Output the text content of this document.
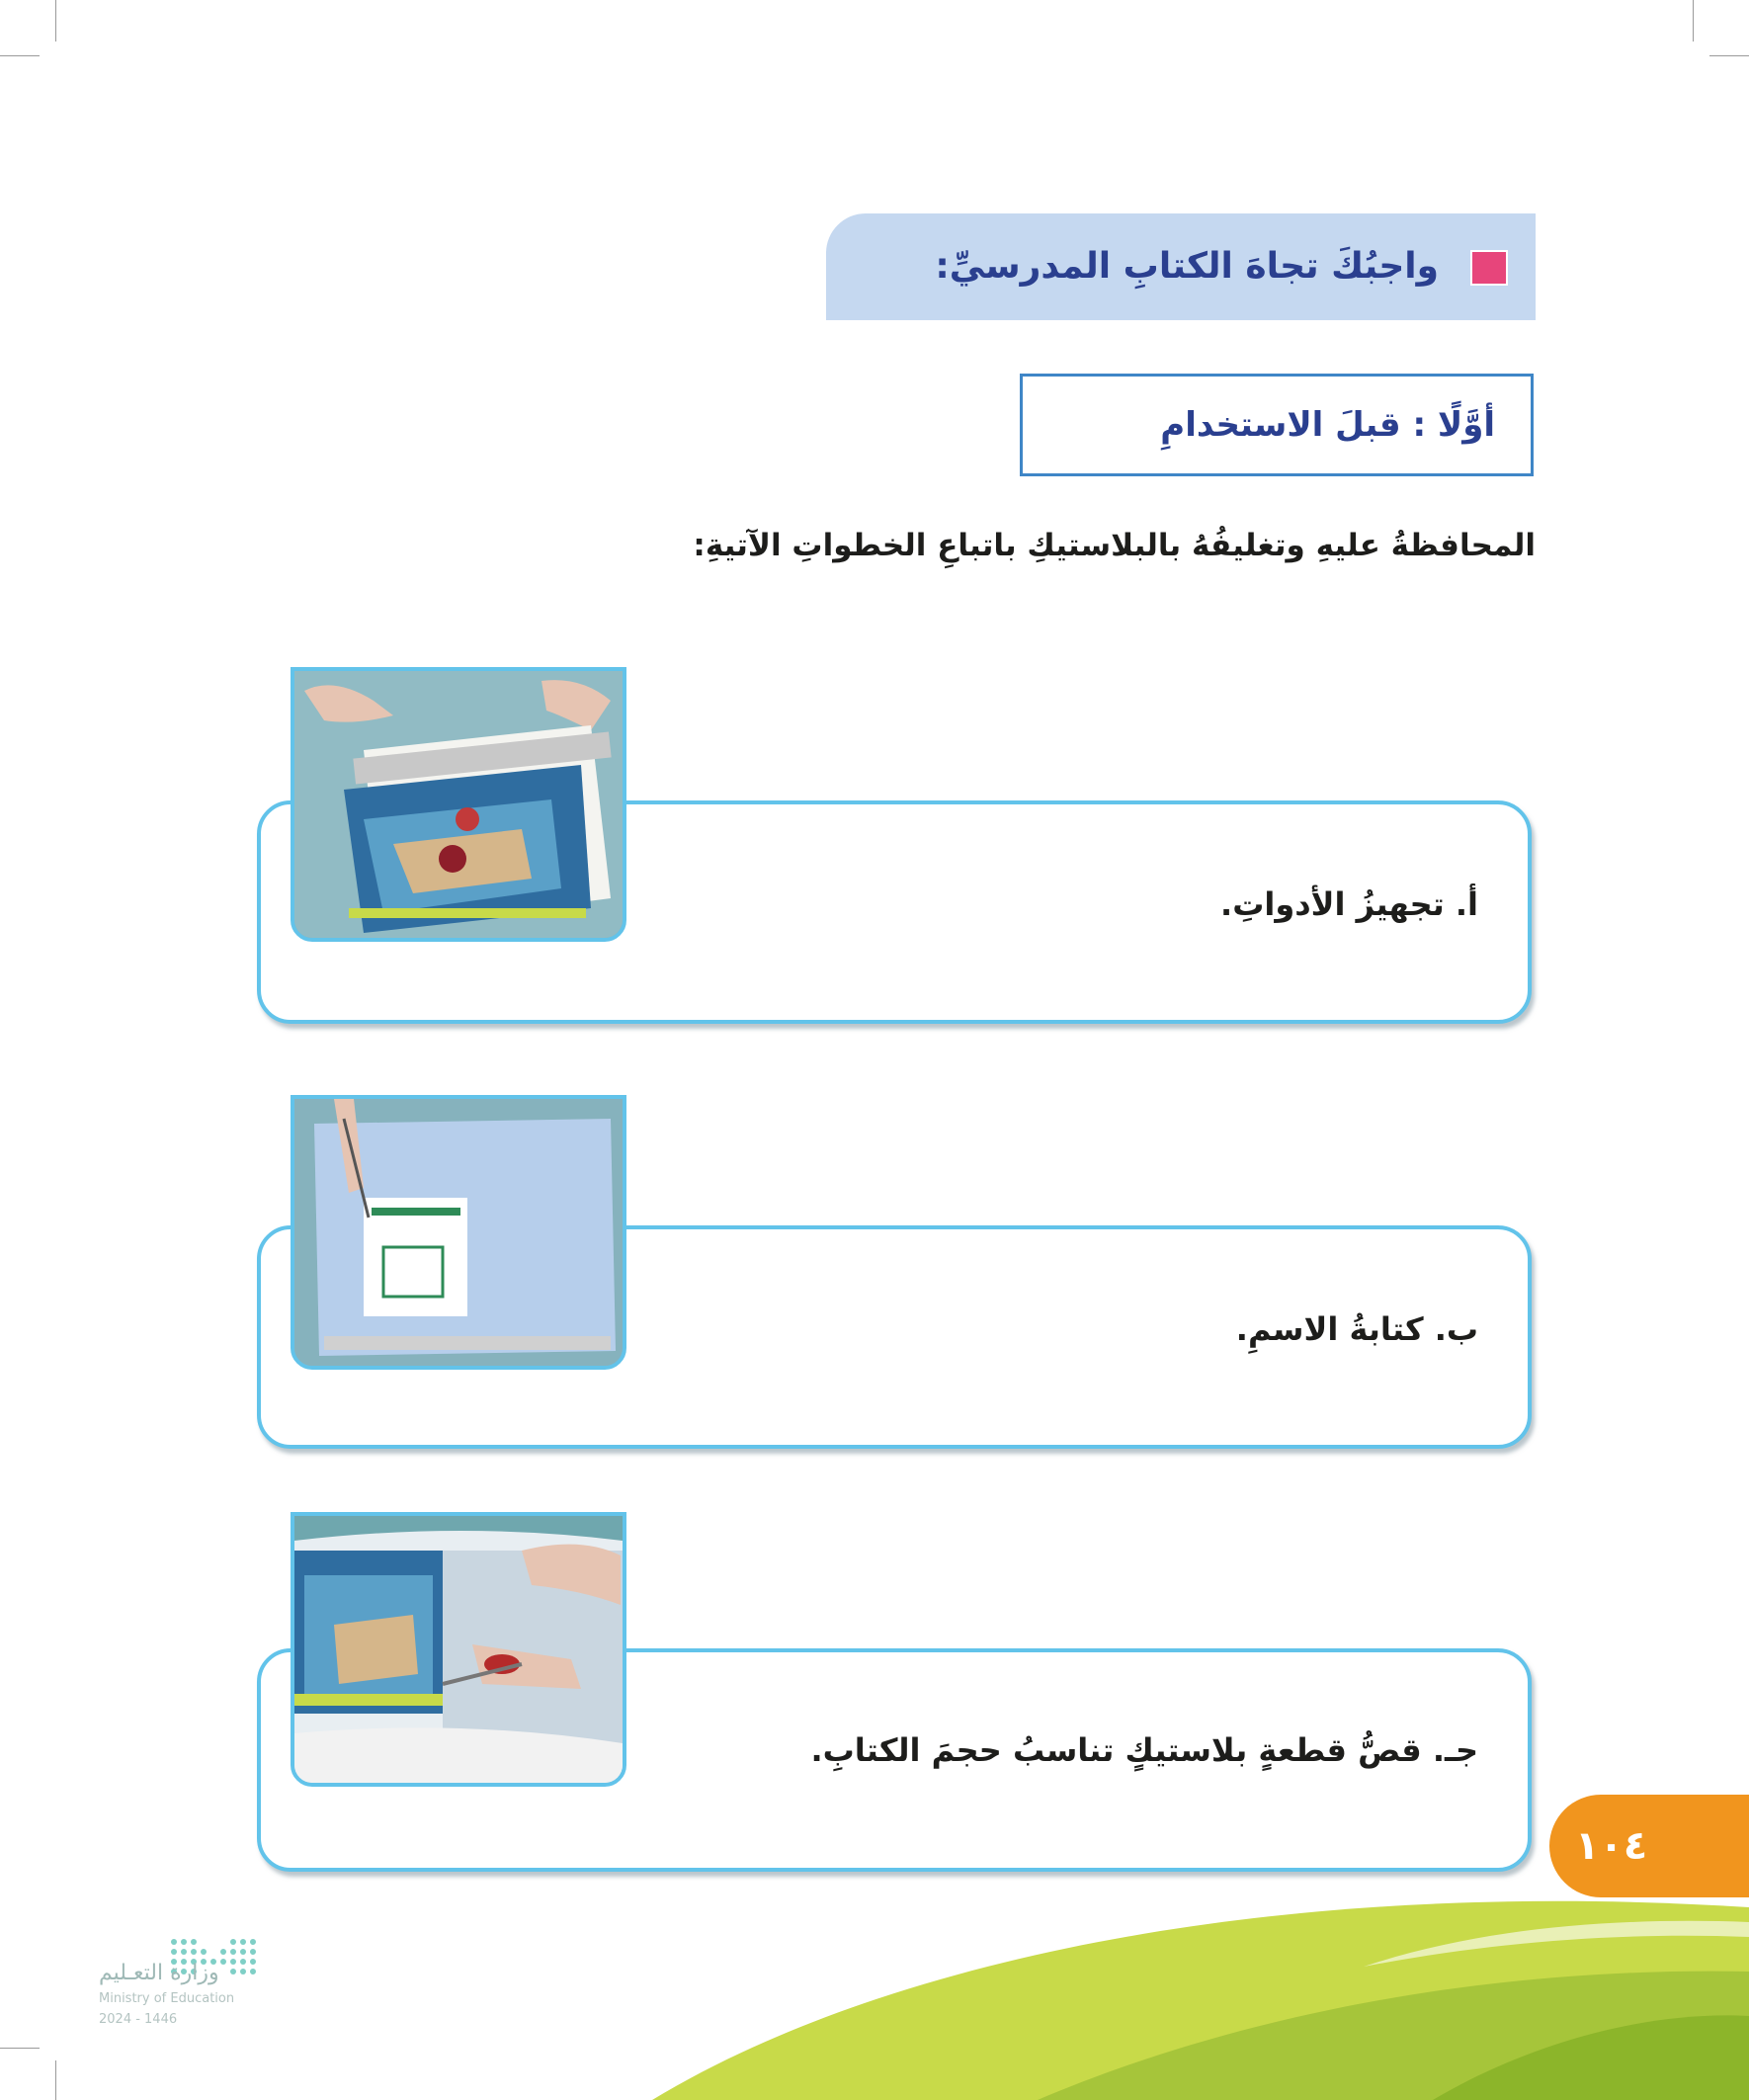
واجبُكَ تجاهَ الكتابِ المدرسيِّ:
أوَّلًا : قبلَ الاستخدامِ
المحافظةُ عليهِ وتغليفُهُ بالبلاستيكِ باتباعِ الخطواتِ الآتيةِ:
أ. تجهيزُ الأدواتِ.
ب. كتابةُ الاسمِ.
جـ. قصُّ قطعةٍ بلاستيكٍ تناسبُ حجمَ الكتابِ.
١٠٤
وزارة التعـليم
Ministry of Education
2024 - 1446
